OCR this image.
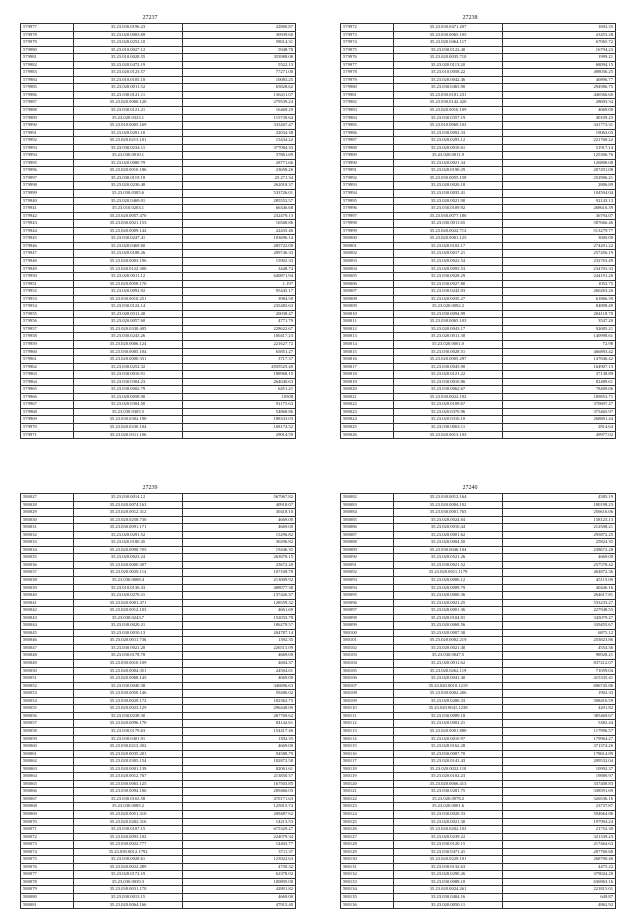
27237
579977	35.23.030.0196.23	22800.87
579978	35.23.020.0003.69	30939.60
579979	35.23.020.0252.10	58014.31
579980	35.23.010.0027.12	5948.78
579981	35.23.010.0028.55	353988.08
579982	35.23.020.0472.19	5522.13
579983	35.23.020.0123.57	77271.00
579984	35.23.010.0105.18	10083.25
579985	35.23.020.0011.52	65828.62
579986	35.23.030.0121.11	136411.07
579987	35.23.020.0000.120	279539.24
579988	35.23.030.0121.21	16469.29
579989	35.23.020.0323.1	115739.64
579990	35.23.010.0005.169	333267.47
579991	35.23.020.0291.10	22034.38
579992	35.23.020.0213.101	15434.22
579993	35.23.030.0234.11	377084.33
579994	35.23.030.0010.1	37861.69
579995	35.23.020.0080.79	28771.66
579996	35.23.020.0010.186	23658.26
579997	35.23.030.0119.18	25.271.34
579998	35.23.020.0230.48	262018.37
579999	35.23.030.0305.6	533726.01
579940	35.23.020.0469.01	285552.57
579941	35.23.010.0203.1	66346.68
579942	35.23.020.0057.470	232479.13
579943	35.23.030.0021.153	16568.86
579944	35.23.020.0009.142	22435.46
579945	35.23.030.0247.41	103696.14
579946	35.23.020.0469.60	285722.00
579947	35.23.020.0188.26	289746.33
579948	35.23.020.0003.196	15902.33
579949	35.23.020.0122.300	3448.74
579950	35.23.020.0011.12	640871.94
579951	35.23.020.0058.170	1.197
579952	35.23.020.0092.92	95445.17
579953	35.23.030.0010.251	3984.50
579954	35.23.030.0124.14	235483.63
579955	35.23.020.0311.40	20038.47
579956	35.23.020.0057.60	4771.79
579957	35.23.020.0330.405	228622.67
579958	35.23.030.0243.26	100417.23
579959	35.23.020.0006.124	221627.72
579960	35.23.030.0005.104	65851.27
579961	35.23.020.0000.331	3717.37
579962	35.23.030.0252.32	2835525.40
579963	35.23.030.0016.91	188968.15
579964	35.23.030.0304.23	264040.63
579965	35.23.030.0002.79	6451.21
579966	35.23.020.0058.90	10508
579967	35.23.020.0304.50	91175.63
579968	35.23.030.0305.5	54868.86
579969	35.23.030.0302.190	188333.03
579970	35.23.020.0230.104	168174.52
579971	35.23.020.0311.106	29014.59
27238
579972	35.23.030.0471.207	1692.35
579973	35.23.030.0065.105	23453.28
579974	35.23.020.0464.117	67065.72
579975	35.23.030.0122.40	16794.23
579976	35.23.020.0035.710	1999.21
579977	35.23.020.0113.20	68094.15
579978	35.23.010.0058.22	498036.25
579979	35.23.020.0042.46	40896.77
579980	35.23.030.0465.90	294986.75
579981	35.23.030.0181.231	446566.60
579982	35.23.030.0142.420	28693.34
579983	35.23.020.0010.109	4669.00
579984	35.23.030.0357.19	40109.23
579985	35.23.010.0069.103	341773.31
579986	35.23.030.0092.33	19063.03
579987	35.23.020.0293.12	221768.22
579988	35.23.020.0010.61	51917.14
579989	35.23.020.0011.9	125306.76
579990	35.23.020.0021.34	126808.08
579991	35.23.020.0190.29	207291.08
579992	35.23.030.0055.158	252906.21
579993	35.23.020.0020.18	2806.89
579994	35.23.030.0035.41	104594.04
579995	35.23.020.0021.90	92143.13
579996	35.23.030.0109.92	268616.39
579997	35.23.030.0077.186	36794.07
579998	35.23.030.0011.65	587666.46
579999	35.23.020.0022.712	513279.77
580000	35.23.020.0001.125	3000.00
580001	35.23.020.0102.17	274201.22
580002	35.23.020.0017.21	257456.19
580003	35.23.020.0022.54	232763.49
580004	35.23.020.0093.53	234703.33
580005	35.23.030.0028.29	244191.20
580006	35.23.030.0027.80	1052.75
580007	35.23.030.0242.03	260263.26
580008	35.23.020.0035.27	61866.39
580009	35.23.020.0092.2	84898.49
580010	35.23.030.0094.99	204118.70
580011	35.23.030.0065.103	3547.20
580012	35.23.020.0043.17	92685.21
580013	35.23.020.0011.38	140998.61
580014	35.23.020.0001.0	72.98
580015	35.23.030.0028.51	466893.42
580016	35.23.020.0005.297	147846.42
580017	35.23.030.0045.90	164907.13
580018	35.23.020.0121.22	37138.89
580019	35.23.030.0010.86	82489.61
580020	35.23.030.0062.67	78409.06
580021	35.23.030.0022.192	189853.71
580022	35.23.020.0109.67	370697.27
580023	35.23.020.0370.96	375465.97
580024	35.23.020.0310.10	268801.44
580025	35.23.030.0063.11	2814.64
580026	35.23.020.0013.103	49977.02
27239
580027	35.23.030.0014.12	567967.82
580028	35.23.020.0074.163	40918.07
580029	35.23.020.0012.312	30418.10
580030	35.23.020.0258.730	4669.00
580031	35.23.030.0091.171	4669.00
580032	35.23.020.0291.52	15296.82
580033	35.23.020.0180.45	30296.82
580034	35.23.020.0090.705	19446.35
580035	35.23.020.0023.24	263878.15
580036	35.23.020.0000.307	23672.20
580037	35.23.020.0020.114	107108.78
580038	35.23.030.0008.4	213009.92
580039	35.23.010.0136.33	488077.38
580040	35.23.020.0270.31	137426.37
580041	35.23.020.0001.471	128559.32
580042	35.23.020.0012.103	4661.69
580043	35.23.030.0243.7	152033.78
580044	35.23.030.0020.21	186279.57
580045	35.23.030.0010.13	204787.14
580046	35.23.020.0011.736	1392.35
580047	35.23.030.0021.20	226515.09
580048	35.23.030.0178.78	4669.00
580049	35.23.030.0010.109	4604.37
580050	35.23.020.0004.351	24504.01
580051	35.23.020.0068.145	4669.00
580052	35.23.030.0040.38	346696.63
580053	35.23.030.0050.146	59286.02
580054	35.23.030.0029.172	182362.73
580055	35.23.020.0023.129	296448.00
580056	35.23.030.0238.30	267769.62
580057	35.23.020.0096.170	84142.61
580058	35.23.030.0179.63	154417.46
580059	35.23.030.0401.91	1392.35
580060	35.23.030.0213.302	4669.00
580061	35.23.020.0035.201	94588.79
580062	35.23.020.0305.154	182872.58
580063	35.23.020.0001.139	82061.61
580064	35.23.020.0012.767	213850.57
580065	35.23.030.0063.125	167503.85
580066	35.23.030.0094.106	209466.03
580067	35.23.030.0163.58	470171.63
580068	35.23.030.0089.2	125815.74
580069	35.23.020.0051.310	209487.62
580070	35.23.020.0202.316	14213.53
580071	35.23.030.0107.15	675329.27
580072	35.23.020.0093.102	224079.34
580073	35.23.030.0022.777	14403.77
580074	35.23.030.0012.1792	3711.37
580075	35.23.030.0028.61	123922.63
580076	35.23.020.0022.289	4750.32
580077	35.23.020.0172.19	62378.02
580078	35.23.030.0039.3	100805.00
580079	35.23.030.0031.170	42801.82
580080	35.23.030.0013.15	4669.00
580081	35.23.020.0064.166	47915.40
27240
580082	35.23.030.0012.164	4585.19
580083	35.23.020.0004.102	180198.23
580084	35.23.030.0001.765	256616.06
580085	35.23.020.0024.84	158123.13
580086	35.23.020.0010.44	212508.21
580087	35.23.020.0001.62	295872.25
580088	35.23.020.0004.50	25824.35
580089	35.23.030.0046.104	238672.28
580090	35.23.020.0521.26	4669.00
580091	35.23.030.0021.52	257578.42
580092	35.23.020.0011.1179	404872.36
580093	35.23.020.0006.12	45115.00
580094	35.23.020.0009.79	40446.16
580095	35.23.020.0000.36	264617.81
580096	35.23.020.0021.25	533233.27
580097	35.23.020.0001.36	227948.55
580098	35.23.020.0104.01	345079.27
580099	35.23.020.0068.56	339455.67
580100	35.23.020.0007.30	6875.12
580101	35.23.020.0002.219	253823.86
580102	35.23.020.0021.40	4554.36
580103	35.23.030.0047.5	98928.21
580104	35.23.020.0011.62	837212.07
580105	35.23.020.0262.119	71059.04
580106	35.23.020.0041.40	415335.41
580107	35.23.020.0010.1219	696745.86
580108	35.23.030.0002.206	1902.33
580109	35.23.020.0206.33	508416.59
580110	35.23.020.0041.1238	4201.82
580111	35.23.030.0089.18	385469.67
580112	35.23.020.0002.21	5382.44
580113	35.23.020.0001.880	117996.57
580114	35.23.020.0010.97	179964.27
580115	35.23.020.0162.28	371374.26
580116	35.23.030.0007.70	178614.89
580117	35.23.020.0141.43	209532.04
580118	35.23.020.0022.110	10992.37
580119	35.23.020.0102.23	19889.97
580120	35.23.020.0066.413	337408.83
580121	35.23.030.0281.75	338591.69
580122	35.23.020.0078.2	326536.16
580123	35.23.020.0001.6	23737.87
580124	35.23.030.0020.33	594664.86
580125	35.23.020.0021.30	197994.24
580126	35.23.020.0202.103	21752.30
580127	35.23.020.0239.22	321339.23
580128	35.23.030.0120.15	217464.63
580129	35.23.030.0471.41	207760.60
580130	35.23.020.0229.101	268790.46
580131	35.23.030.0132.63	4475.22
580132	35.23.020.0290.26	379024.20
580133	35.23.030.0088.10	636963.16
580134	35.23.020.0024.261	221815.01
580135	35.23.030.0404.16	649.87
580136	35.23.020.0050.11	4862.92
